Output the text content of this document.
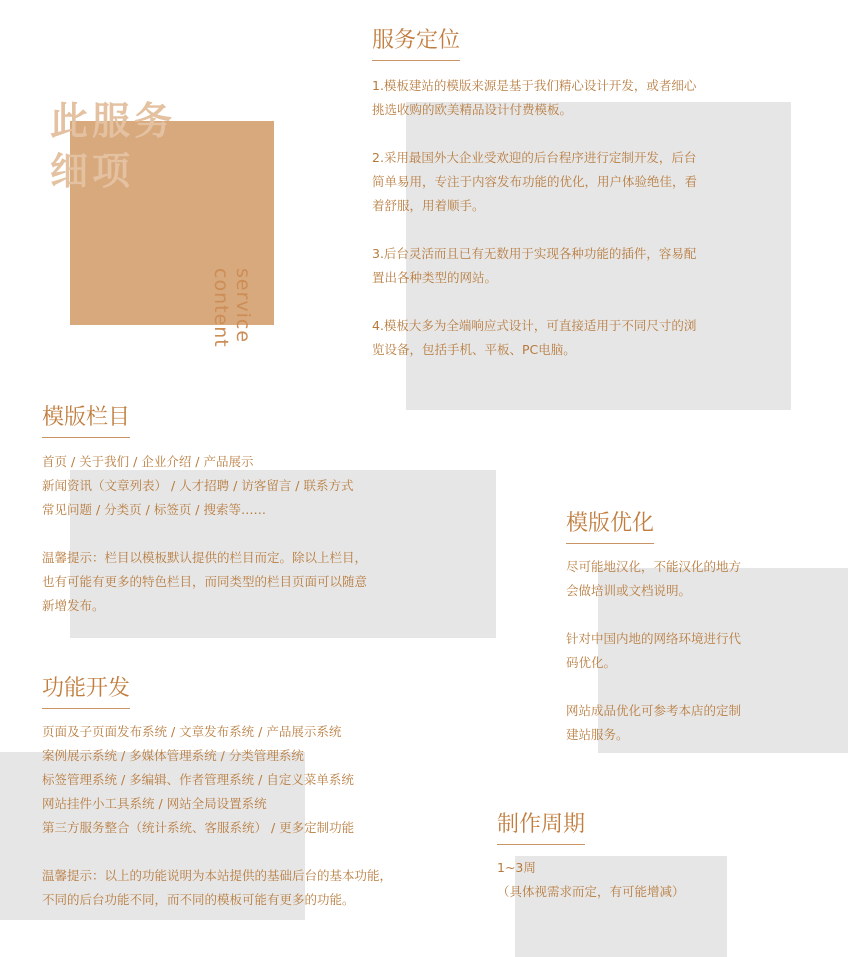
此服务
细项
service
content
服务定位

1.模板建站的模版来源是基于我们精心设计开发，或者细心

挑选收购的欧美精品设计付费模板。

2.采用最国外大企业受欢迎的后台程序进行定制开发，后台

简单易用，专注于内容发布功能的优化，用户体验绝佳，看

着舒服，用着顺手。

3.后台灵活而且已有无数用于实现各种功能的插件，容易配

置出各种类型的网站。

4.模板大多为全端响应式设计，可直接适用于不同尺寸的浏

览设备，包括手机、平板、PC电脑。

模版栏目

首页 / 关于我们 / 企业介绍 / 产品展示

新闻资讯（文章列表） / 人才招聘 / 访客留言 / 联系方式

常见问题 / 分类页 / 标签页 / 搜索等……

温馨提示：栏目以模板默认提供的栏目而定。除以上栏目，

也有可能有更多的特色栏目，而同类型的栏目页面可以随意

新增发布。

模版优化

尽可能地汉化，不能汉化的地方

会做培训或文档说明。

针对中国内地的网络环境进行代

码优化。

网站成品优化可参考本店的定制

建站服务。

功能开发

页面及子页面发布系统 / 文章发布系统 / 产品展示系统

案例展示系统 / 多媒体管理系统 / 分类管理系统

标签管理系统 / 多编辑、作者管理系统 / 自定义菜单系统

网站挂件小工具系统 / 网站全局设置系统

第三方服务整合（统计系统、客服系统） / 更多定制功能

温馨提示：以上的功能说明为本站提供的基础后台的基本功能，

不同的后台功能不同，而不同的模板可能有更多的功能。

制作周期

1~3周

（具体视需求而定，有可能增减）
